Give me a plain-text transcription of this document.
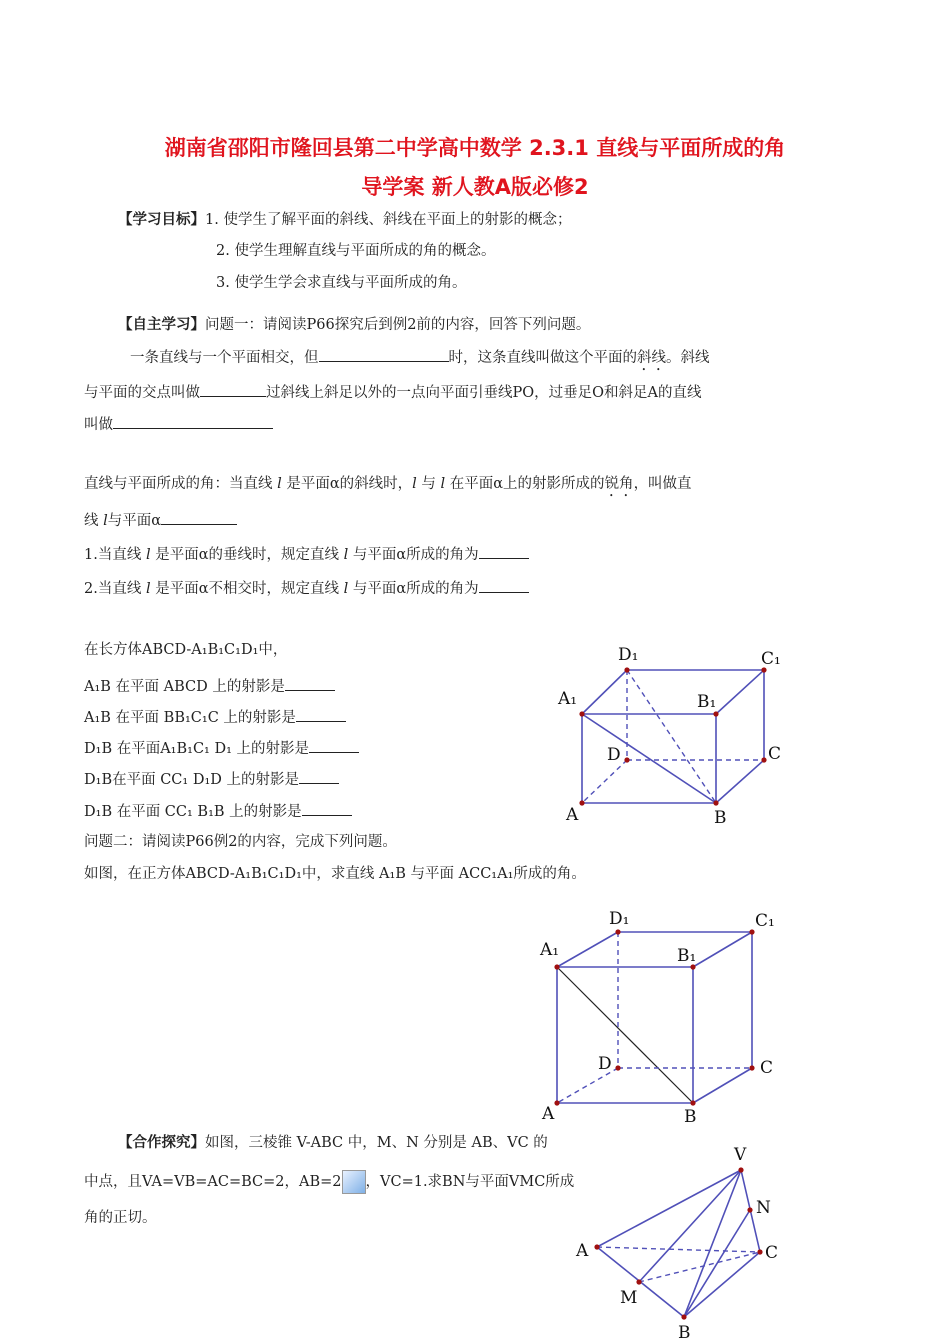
湖南省邵阳市隆回县第二中学高中数学 2.3.1 直线与平面所成的角
导学案 新人教A版必修2
【学习目标】1. 使学生了解平面的斜线、斜线在平面上的射影的概念；
2. 使学生理解直线与平面所成的角的概念。
3. 使学生学会求直线与平面所成的角。
【自主学习】问题一：请阅读P66探究后到例2前的内容，回答下列问题。
一条直线与一个平面相交，但	时，这条直线叫做这个平面的斜线。斜线
与平面的交点叫做	过斜线上斜足以外的一点向平面引垂线PO，过垂足O和斜足A的直线
叫做
直线与平面所成的角：当直线 l 是平面α的斜线时，l 与 l 在平面α上的射影所成的锐角，叫做直
线 l与平面α
1.当直线 l 是平面α的垂线时，规定直线 l 与平面α所成的角为
2.当直线 l 是平面α不相交时，规定直线 l 与平面α所成的角为
在长方体ABCD-A₁B₁C₁D₁中，
A₁B 在平面 ABCD 上的射影是
A₁B 在平面 BB₁C₁C 上的射影是
D₁B 在平面A₁B₁C₁ D₁ 上的射影是
D₁B在平面 CC₁ D₁D 上的射影是
D₁B 在平面 CC₁ B₁B 上的射影是
问题二：请阅读P66例2的内容，完成下列问题。
如图，在正方体ABCD-A₁B₁C₁D₁中，求直线 A₁B 与平面 ACC₁A₁所成的角。
【合作探究】如图，三棱锥 V-ABC 中，M、N 分别是 AB、VC 的
中点，且VA=VB=AC=BC=2，AB=2 ，VC=1.求BN与平面VMC所成
角的正切。
D₁	C₁
A₁	B₁
D	C
A	B
D₁	C₁
A₁	B₁
D	C
A	B
V
N
A	C
M
B
